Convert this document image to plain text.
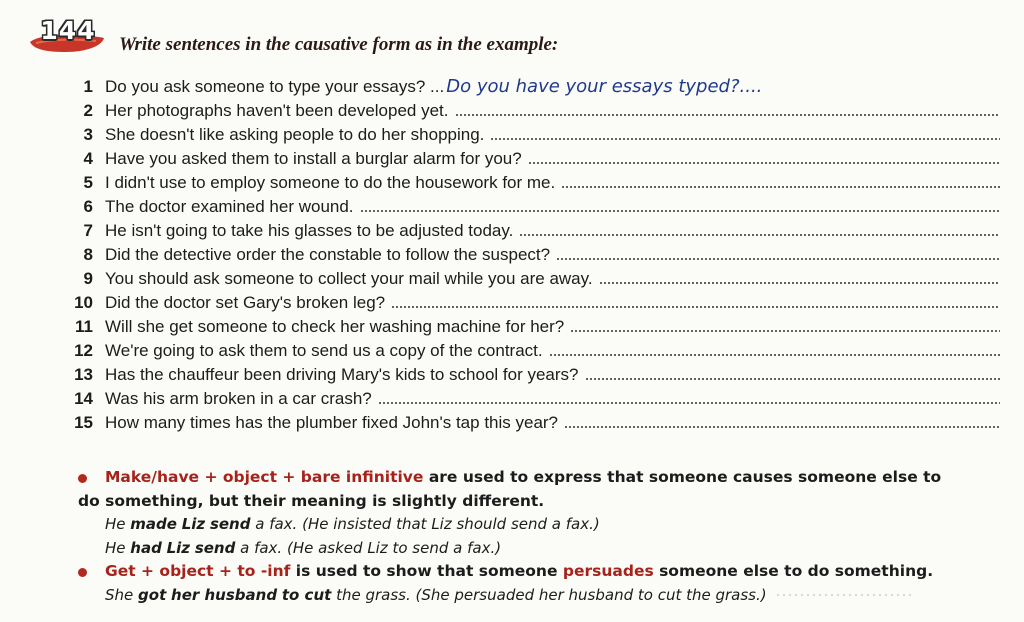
144	Write sentences in the causative form as in the example:
1 Do you ask someone to type your essays? ... Do you have your essays typed?....
2 Her photographs haven't been developed yet.
3 She doesn't like asking people to do her shopping.
4 Have you asked them to install a burglar alarm for you?
5 I didn't use to employ someone to do the housework for me.
6 The doctor examined her wound.
7 He isn't going to take his glasses to be adjusted today.
8 Did the detective order the constable to follow the suspect?
9 You should ask someone to collect your mail while you are away.
10 Did the doctor set Gary's broken leg?
11 Will she get someone to check her washing machine for her?
12 We're going to ask them to send us a copy of the contract.
13 Has the chauffeur been driving Mary's kids to school for years?
14 Was his arm broken in a car crash?
15 How many times has the plumber fixed John's tap this year?
Make/have + object + bare infinitive are used to express that someone causes someone else to
do something, but their meaning is slightly different.
He made Liz send a fax. (He insisted that Liz should send a fax.)
He had Liz send a fax. (He asked Liz to send a fax.)
Get + object + to -inf is used to show that someone persuades someone else to do something.
She got her husband to cut the grass. (She persuaded her husband to cut the grass.)
